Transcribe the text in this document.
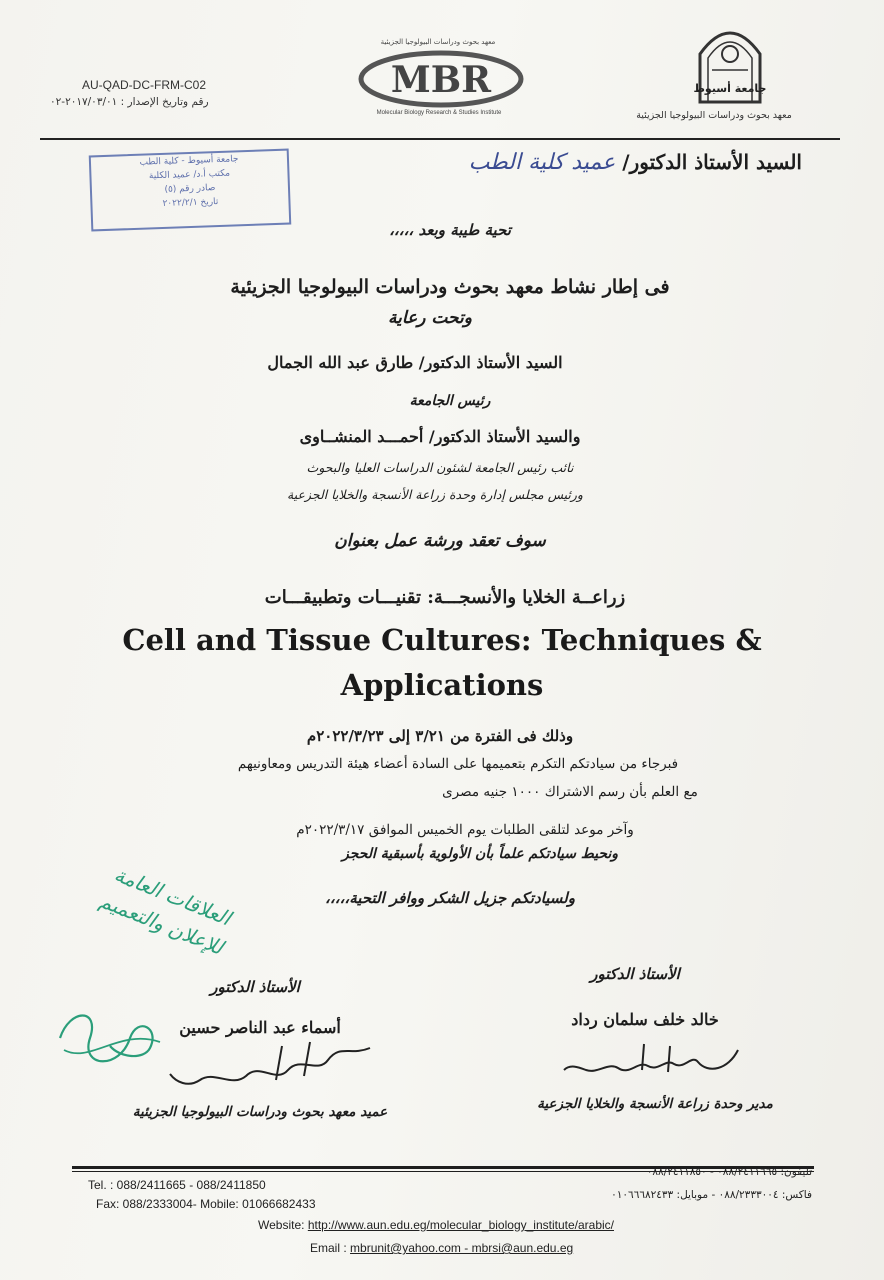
AU-QAD-DC-FRM-C02
رقم وتاريخ الإصدار : ٢٠١٧/٠٣/٠١-٠٢
معهد بحوث ودراسات البيولوجيا الجزيئية
MBR
Molecular Biology Research & Studies Institute
جامعة أسيوط
معهد بحوث ودراسات البيولوجيا الجزيئية
جامعة أسيوط - كلية الطب
مكتب أ.د/ عميد الكلية
صادر رقم (٥)
تاريخ ٢٠٢٢/٢/١
السيد الأستاذ الدكتور/ عميد كلية الطب
تحية طيبة وبعد ،،،،،
فى إطار نشاط معهد بحوث ودراسات البيولوجيا الجزيئية
وتحت رعاية
السيد الأستاذ الدكتور/ طارق عبد الله الجمال
رئيس الجامعة
والسيد الأستاذ الدكتور/ أحمـــد المنشــاوى
نائب رئيس الجامعة لشئون الدراسات العليا والبحوث
ورئيس مجلس إدارة وحدة زراعة الأنسجة والخلايا الجزعية
سوف تعقد ورشة عمل بعنوان
زراعــة الخلايا والأنسجـــة: تقنيـــات وتطبيقـــات
Cell and Tissue Cultures: Techniques & Applications
وذلك فى الفترة من ٣/٢١ إلى ٢٠٢٢/٣/٢٣م
فبرجاء من سيادتكم التكرم بتعميمها على السادة أعضاء هيئة التدريس ومعاونيهم
مع العلم بأن رسم الاشتراك ١٠٠٠ جنيه مصرى
وآخر موعد لتلقى الطلبات يوم الخميس الموافق ٢٠٢٢/٣/١٧م
ونحيط سيادتكم علماً بأن الأولوية بأسبقية الحجز
ولسيادتكم جزيل الشكر ووافر التحية،،،،،
العلاقات العامة للإعلان والتعميم
الأستاذ الدكتور
خالد خلف سلمان رداد
مدير وحدة زراعة الأنسجة والخلايا الجزعية
الأستاذ الدكتور
أسماء عبد الناصر حسين
عميد معهد بحوث ودراسات البيولوجيا الجزيئية
Tel. : 088/2411665 - 088/2411850
Fax: 088/2333004- Mobile: 01066682433
تليفون: ٠٨٨/٢٤١١٦٦٥ - ٠٨٨/٢٤١١٨٥٠
فاكس: ٠٨٨/٢٣٣٣٠٠٤ - موبايل: ٠١٠٦٦٦٨٢٤٣٣
Website: http://www.aun.edu.eg/molecular_biology_institute/arabic/
Email : mbrunit@yahoo.com - mbrsi@aun.edu.eg
